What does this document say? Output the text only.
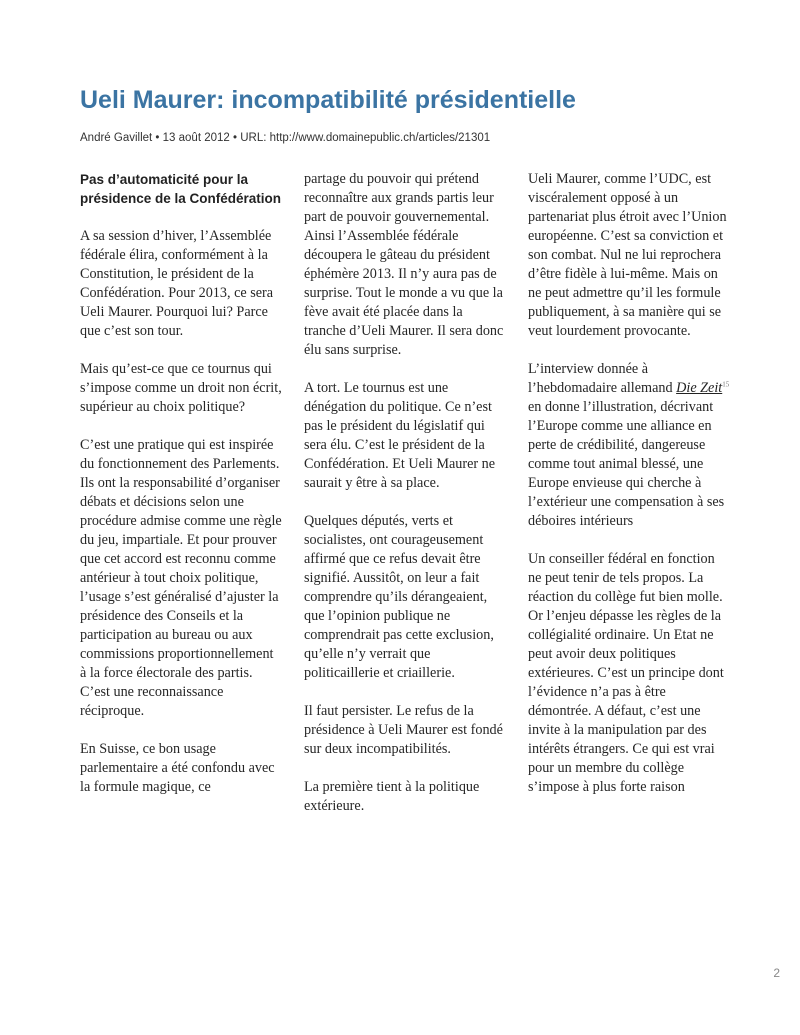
Ueli Maurer: incompatibilité présidentielle
André Gavillet • 13 août 2012 • URL: http://www.domainepublic.ch/articles/21301
Pas d’automaticité pour la présidence de la Confédération

A sa session d’hiver, l’Assemblée fédérale élira, conformément à la Constitution, le président de la Confédération. Pour 2013, ce sera Ueli Maurer. Pourquoi lui? Parce que c’est son tour.

Mais qu’est-ce que ce tournus qui s’impose comme un droit non écrit, supérieur au choix politique?

C’est une pratique qui est inspirée du fonctionnement des Parlements. Ils ont la responsabilité d’organiser débats et décisions selon une procédure admise comme une règle du jeu, impartiale. Et pour prouver que cet accord est reconnu comme antérieur à tout choix politique, l’usage s’est généralisé d’ajuster la présidence des Conseils et la participation au bureau ou aux commissions proportionnellement à la force électorale des partis. C’est une reconnaissance réciproque.

En Suisse, ce bon usage parlementaire a été confondu avec la formule magique, ce

partage du pouvoir qui prétend reconnaître aux grands partis leur part de pouvoir gouvernemental. Ainsi l’Assemblée fédérale découpera le gâteau du président éphémère 2013. Il n’y aura pas de surprise. Tout le monde a vu que la fève avait été placée dans la tranche d’Ueli Maurer. Il sera donc élu sans surprise.

A tort. Le tournus est une dénégation du politique. Ce n’est pas le président du législatif qui sera élu. C’est le président de la Confédération. Et Ueli Maurer ne saurait y être à sa place.

Quelques députés, verts et socialistes, ont courageusement affirmé que ce refus devait être signifié. Aussitôt, on leur a fait comprendre qu’ils dérangeaient, que l’opinion publique ne comprendrait pas cette exclusion, qu’elle n’y verrait que politicaillerie et criaillerie.

Il faut persister. Le refus de la présidence à Ueli Maurer est fondé sur deux incompatibilités.

La première tient à la politique extérieure.

Ueli Maurer, comme l’UDC, est viscéralement opposé à un partenariat plus étroit avec l’Union européenne. C’est sa conviction et son combat. Nul ne lui reprochera d’être fidèle à lui-même. Mais on ne peut admettre qu’il les formule publiquement, à sa manière qui se veut lourdement provocante.

L’interview donnée à l’hebdomadaire allemand Die Zeit$^{15}$ en donne l’illustration, décrivant l’Europe comme une alliance en perte de crédibilité, dangereuse comme tout animal blessé, une Europe envieuse qui cherche à l’extérieur une compensation à ses déboires intérieurs

Un conseiller fédéral en fonction ne peut tenir de tels propos. La réaction du collège fut bien molle. Or l’enjeu dépasse les règles de la collégialité ordinaire. Un Etat ne peut avoir deux politiques extérieures. C’est un principe dont l’évidence n’a pas à être démontrée. A défaut, c’est une invite à la manipulation par des intérêts étrangers. Ce qui est vrai pour un membre du collège s’impose à plus forte raison

2
